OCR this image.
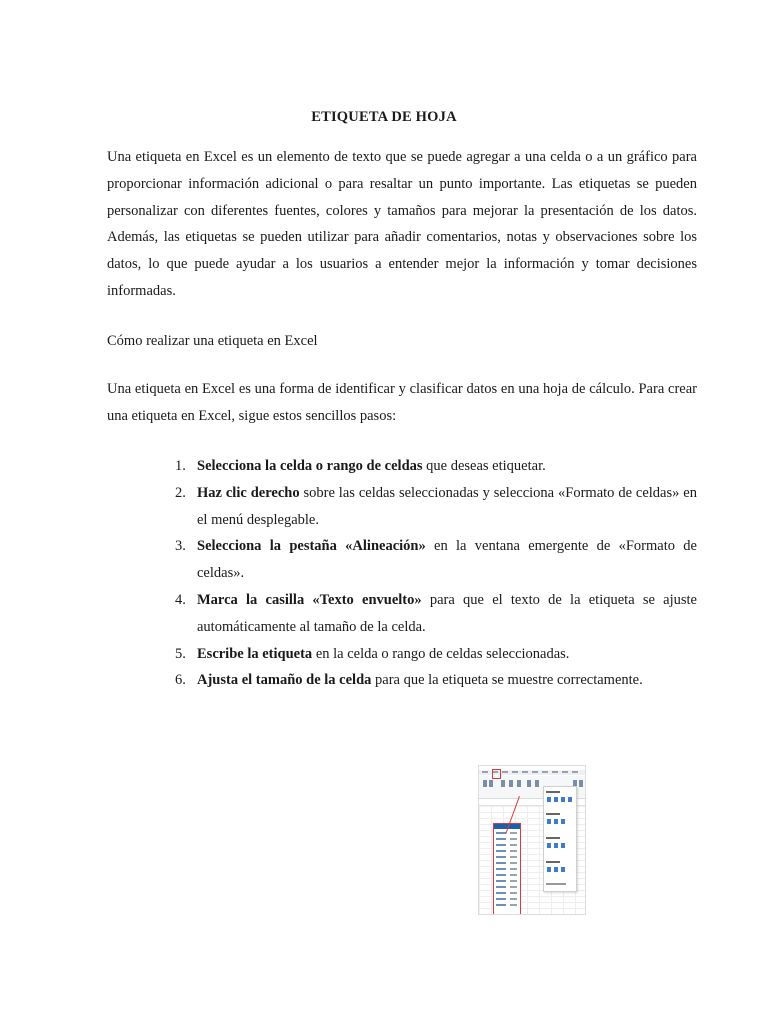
ETIQUETA DE HOJA
Una etiqueta en Excel es un elemento de texto que se puede agregar a una celda o a un gráfico para proporcionar información adicional o para resaltar un punto importante. Las etiquetas se pueden personalizar con diferentes fuentes, colores y tamaños para mejorar la presentación de los datos. Además, las etiquetas se pueden utilizar para añadir comentarios, notas y observaciones sobre los datos, lo que puede ayudar a los usuarios a entender mejor la información y tomar decisiones informadas.
Cómo realizar una etiqueta en Excel
Una etiqueta en Excel es una forma de identificar y clasificar datos en una hoja de cálculo. Para crear una etiqueta en Excel, sigue estos sencillos pasos:
1. Selecciona la celda o rango de celdas que deseas etiquetar.
2. Haz clic derecho sobre las celdas seleccionadas y selecciona «Formato de celdas» en el menú desplegable.
3. Selecciona la pestaña «Alineación» en la ventana emergente de «Formato de celdas».
4. Marca la casilla «Texto envuelto» para que el texto de la etiqueta se ajuste automáticamente al tamaño de la celda.
5. Escribe la etiqueta en la celda o rango de celdas seleccionadas.
6. Ajusta el tamaño de la celda para que la etiqueta se muestre correctamente.
